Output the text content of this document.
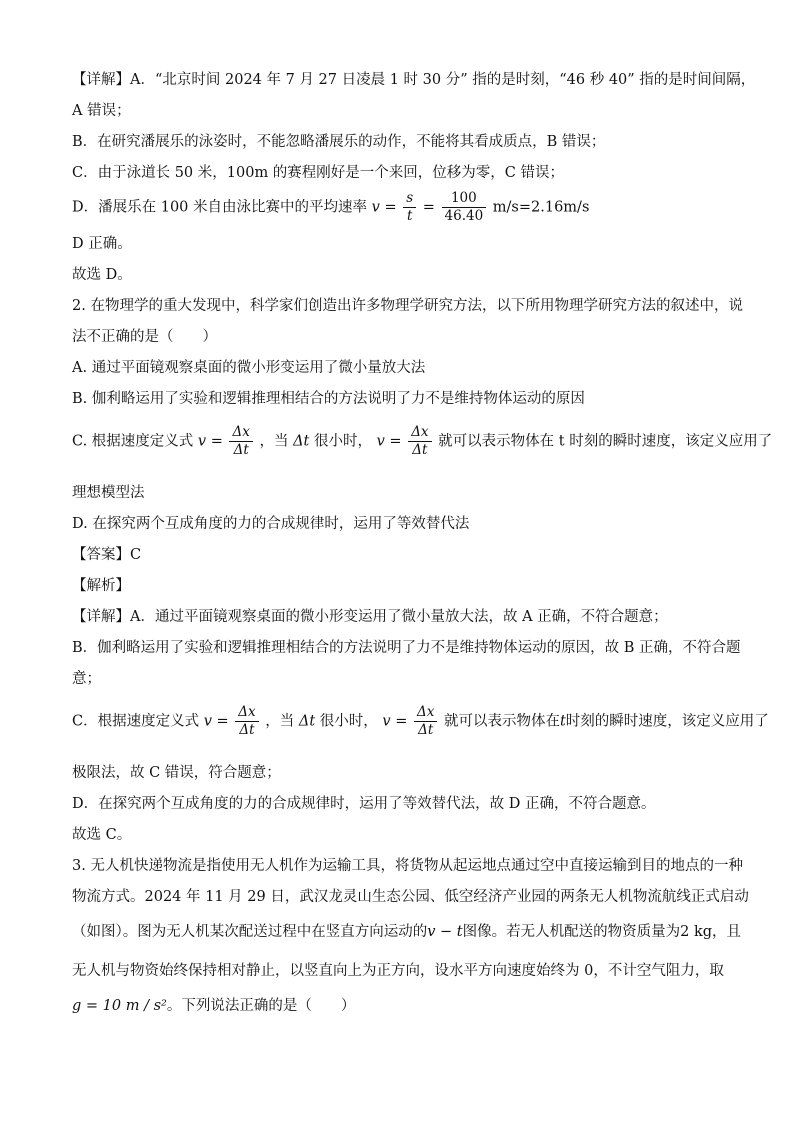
【详解】A．“北京时间 2024 年 7 月 27 日凌晨 1 时 30 分” 指的是时刻，“46 秒 40” 指的是时间间隔，
A 错误；
B．在研究潘展乐的泳姿时，不能忽略潘展乐的动作，不能将其看成质点，B 错误；
C．由于泳道长 50 米，100m 的赛程刚好是一个来回，位移为零，C 错误；
D．潘展乐在 100 米自由泳比赛中的平均速率 $v = \frac{s}{t} = \frac{100}{46.40} m/s=2.16m/s$
D 正确。
故选 D。
2. 在物理学的重大发现中，科学家们创造出许多物理学研究方法，以下所用物理学研究方法的叙述中，说
法不正确的是（　　）
A. 通过平面镜观察桌面的微小形变运用了微小量放大法
B. 伽利略运用了实验和逻辑推理相结合的方法说明了力不是维持物体运动的原因
C. 根据速度定义式 $v = \frac{\Delta x}{\Delta t}$ ，当 Δt 很小时， $v = \frac{\Delta x}{\Delta t}$ 就可以表示物体在 t 时刻的瞬时速度，该定义应用了
理想模型法
D. 在探究两个互成角度的力的合成规律时，运用了等效替代法
【答案】C
【解析】
【详解】A．通过平面镜观察桌面的微小形变运用了微小量放大法，故 A 正确，不符合题意；
B．伽利略运用了实验和逻辑推理相结合的方法说明了力不是维持物体运动的原因，故 B 正确，不符合题
意；
C．根据速度定义式 $v = \frac{\Delta x}{\Delta t}$ ，当 Δt 很小时， $v = \frac{\Delta x}{\Delta t}$ 就可以表示物体在t时刻的瞬时速度，该定义应用了
极限法，故 C 错误，符合题意；
D．在探究两个互成角度的力的合成规律时，运用了等效替代法，故 D 正确，不符合题意。
故选 C。
3. 无人机快递物流是指使用无人机作为运输工具，将货物从起运地点通过空中直接运输到目的地点的一种
物流方式。2024 年 11 月 29 日，武汉龙灵山生态公园、低空经济产业园的两条无人机物流航线正式启动
（如图）。图为无人机某次配送过程中在竖直方向运动的v − t图像。若无人机配送的物资质量为2 kg，且
无人机与物资始终保持相对静止，以竖直向上为正方向，设水平方向速度始终为 0，不计空气阻力，取
g = 10 m / s²。下列说法正确的是（　　）
